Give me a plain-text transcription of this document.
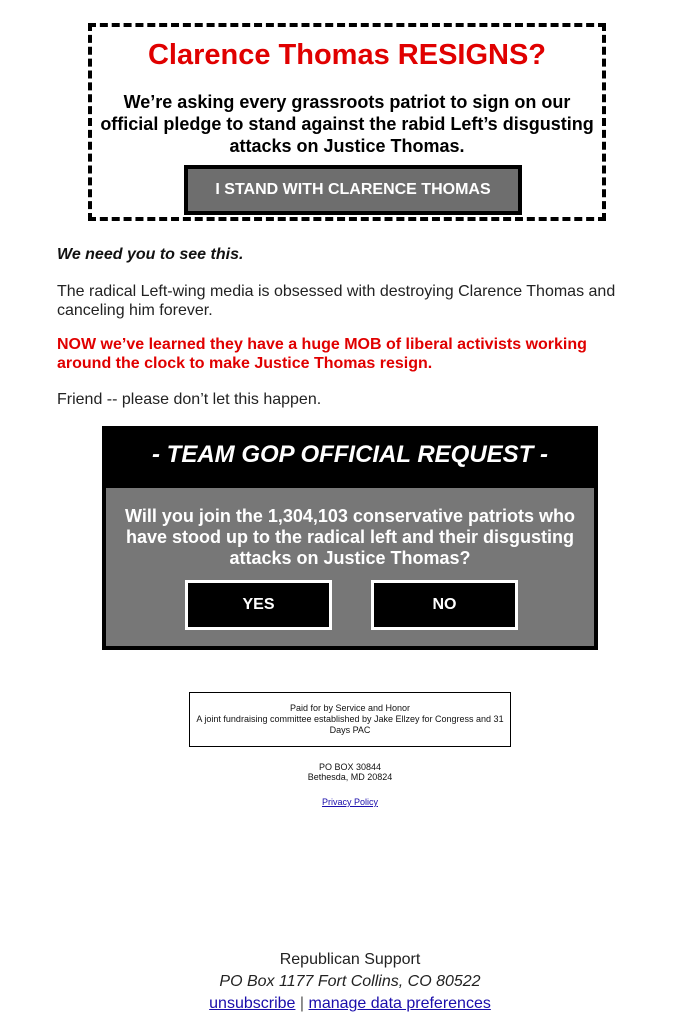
Clarence Thomas RESIGNS?
We’re asking every grassroots patriot to sign on our official pledge to stand against the rabid Left’s disgusting attacks on Justice Thomas.
I STAND WITH CLARENCE THOMAS

We need you to see this.

The radical Left-wing media is obsessed with destroying Clarence Thomas and canceling him forever.

NOW we’ve learned they have a huge MOB of liberal activists working around the clock to make Justice Thomas resign.

Friend -- please don’t let this happen.

- TEAM GOP OFFICIAL REQUEST -
Will you join the 1,304,103 conservative patriots who have stood up to the radical left and their disgusting attacks on Justice Thomas?
YES	NO
Paid for by Service and Honor
A joint fundraising committee established by Jake Ellzey for Congress and 31 Days PAC
PO BOX 30844
Bethesda, MD 20824
Privacy Policy
Republican Support
PO Box 1177 Fort Collins, CO 80522
unsubscribe | manage data preferences
